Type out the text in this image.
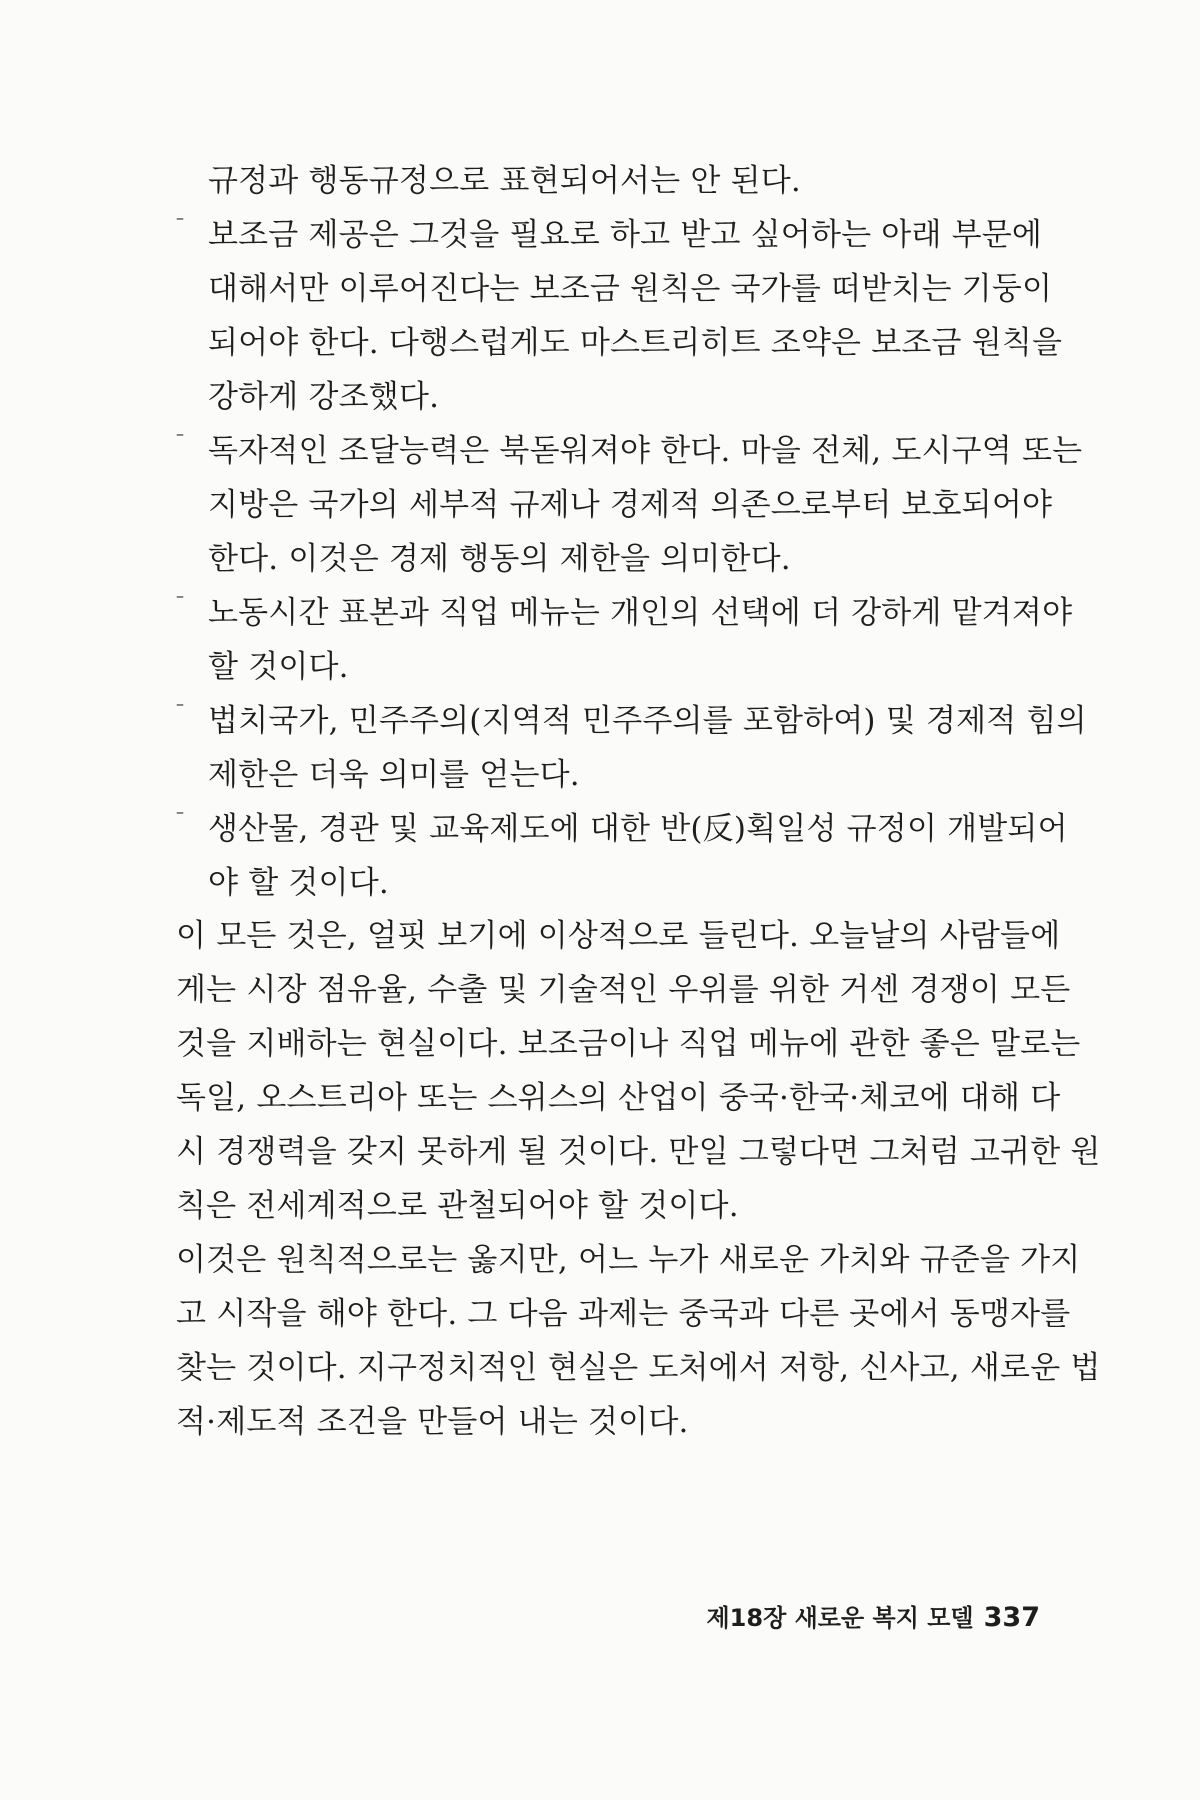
규정과 행동규정으로 표현되어서는 안 된다.
– 보조금 제공은 그것을 필요로 하고 받고 싶어하는 아래 부문에
대해서만 이루어진다는 보조금 원칙은 국가를 떠받치는 기둥이
되어야 한다. 다행스럽게도 마스트리히트 조약은 보조금 원칙을
강하게 강조했다.
– 독자적인 조달능력은 북돋워져야 한다. 마을 전체, 도시구역 또는
지방은 국가의 세부적 규제나 경제적 의존으로부터 보호되어야
한다. 이것은 경제 행동의 제한을 의미한다.
– 노동시간 표본과 직업 메뉴는 개인의 선택에 더 강하게 맡겨져야
할 것이다.
– 법치국가, 민주주의(지역적 민주주의를 포함하여) 및 경제적 힘의
제한은 더욱 의미를 얻는다.
– 생산물, 경관 및 교육제도에 대한 반(反)획일성 규정이 개발되어
야 할 것이다.
이 모든 것은, 얼핏 보기에 이상적으로 들린다. 오늘날의 사람들에
게는 시장 점유율, 수출 및 기술적인 우위를 위한 거센 경쟁이 모든
것을 지배하는 현실이다. 보조금이나 직업 메뉴에 관한 좋은 말로는
독일, 오스트리아 또는 스위스의 산업이 중국·한국·체코에 대해 다
시 경쟁력을 갖지 못하게 될 것이다. 만일 그렇다면 그처럼 고귀한 원
칙은 전세계적으로 관철되어야 할 것이다.
이것은 원칙적으로는 옳지만, 어느 누가 새로운 가치와 규준을 가지
고 시작을 해야 한다. 그 다음 과제는 중국과 다른 곳에서 동맹자를
찾는 것이다. 지구정치적인 현실은 도처에서 저항, 신사고, 새로운 법
적·제도적 조건을 만들어 내는 것이다.
제18장 새로운 복지 모델 337
